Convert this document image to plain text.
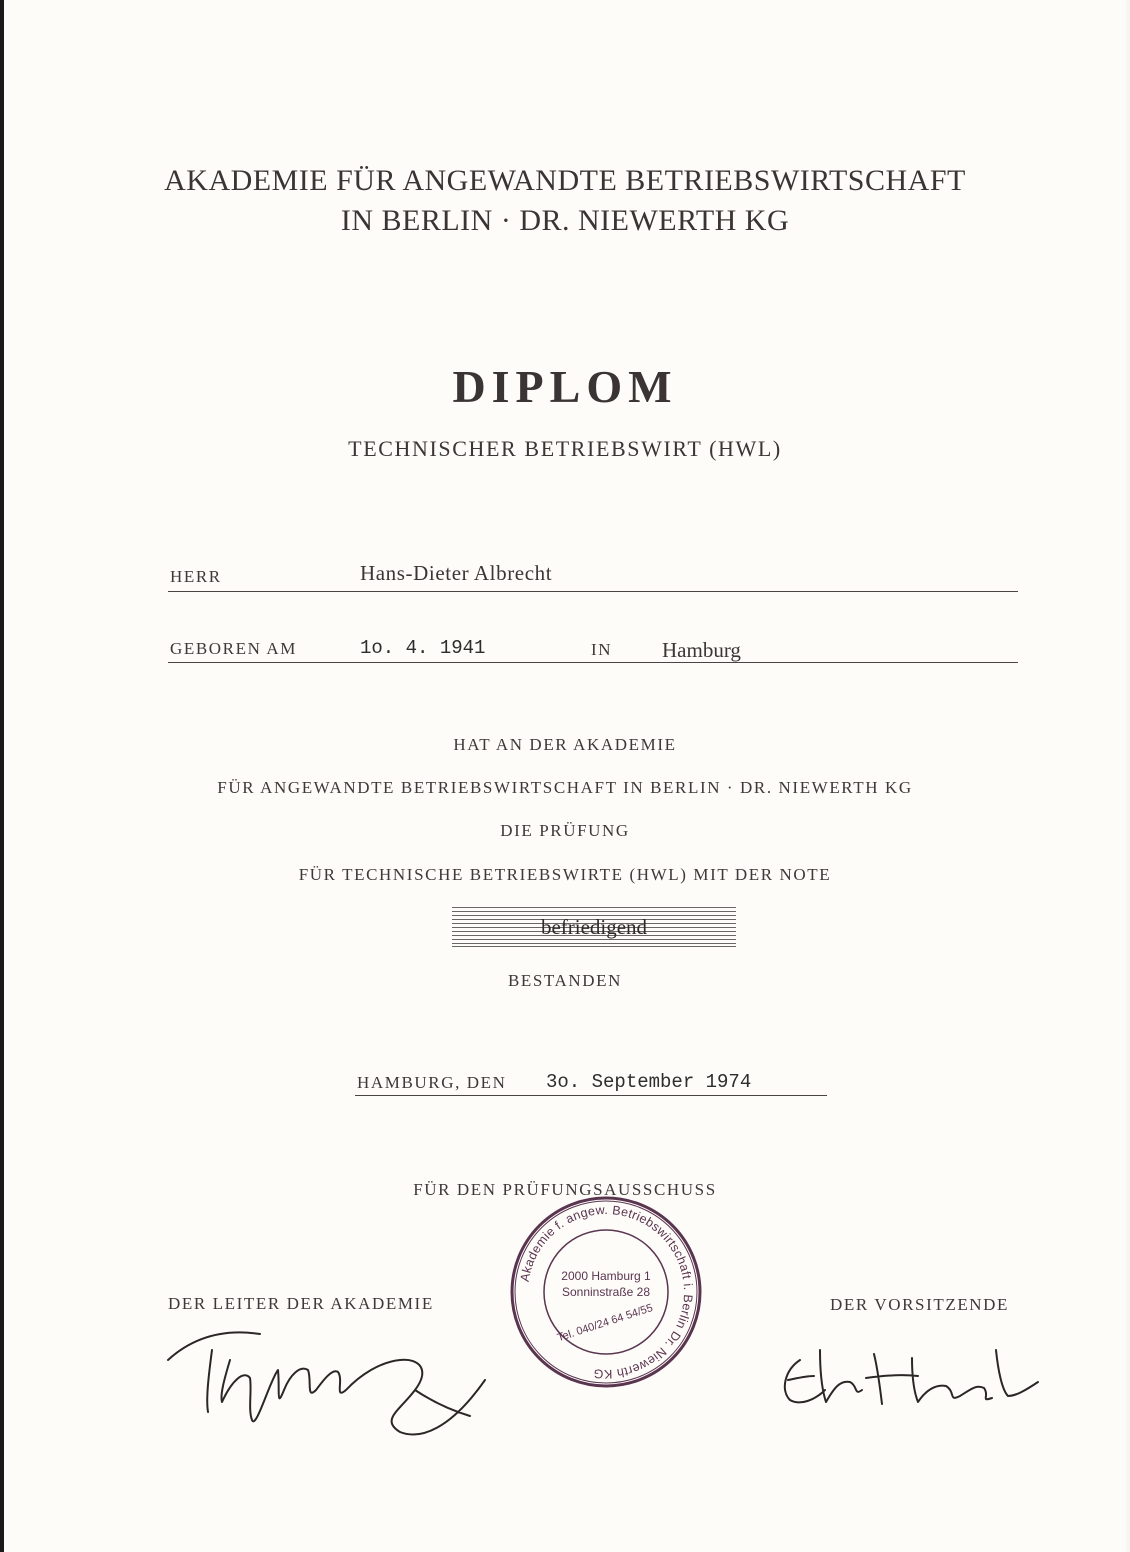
AKADEMIE FÜR ANGEWANDTE BETRIEBSWIRTSCHAFT
IN BERLIN · DR. NIEWERTH KG
DIPLOM
TECHNISCHER BETRIEBSWIRT (HWL)
HERR	Hans-Dieter Albrecht
GEBOREN AM	1o. 4. 1941	IN Hamburg
HAT AN DER AKADEMIE
FÜR ANGEWANDTE BETRIEBSWIRTSCHAFT IN BERLIN · DR. NIEWERTH KG
DIE PRÜFUNG
FÜR TECHNISCHE BETRIEBSWIRTE (HWL) MIT DER NOTE
befriedigend
BESTANDEN
HAMBURG, DEN 3o. September 1974
FÜR DEN PRÜFUNGSAUSSCHUSS
DER LEITER DER AKADEMIE	DER VORSITZENDE
Akademie f. angew. Betriebswirtschaft i. Berlin Dr. Niewerth KG
2000 Hamburg 1
Sonninstraße 28
Tel. 040/24 64 54/55
